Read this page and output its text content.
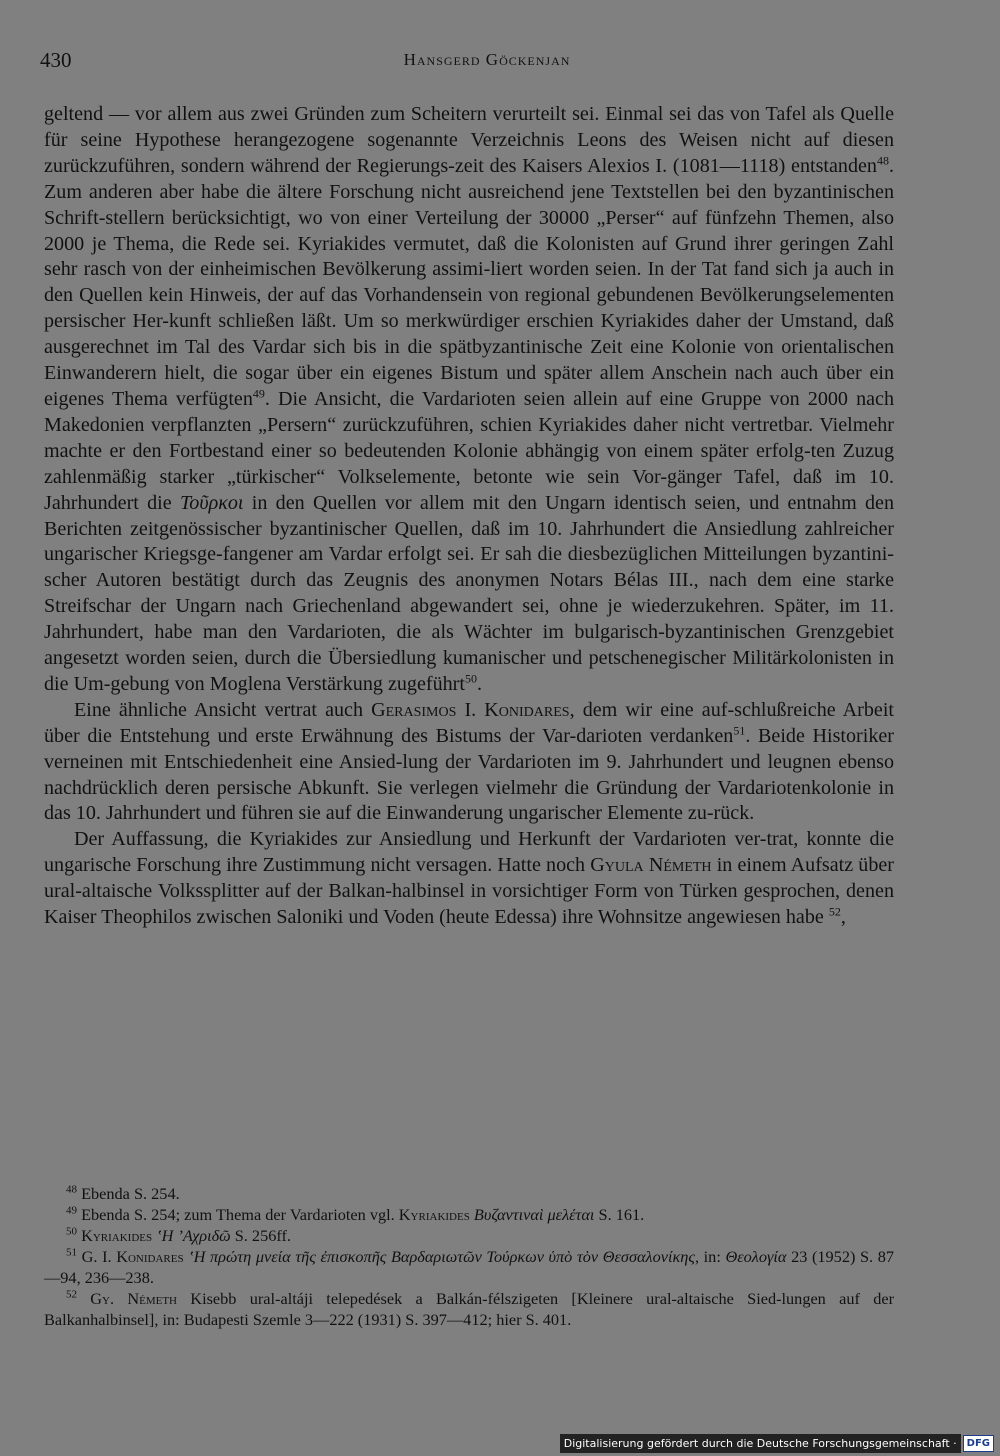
430	Hansgerd Göckenjan

geltend — vor allem aus zwei Gründen zum Scheitern verurteilt sei. Einmal sei das von Tafel als Quelle für seine Hypothese herangezogene sogenannte Verzeichnis Leons des Weisen nicht auf diesen zurückzuführen, sondern während der Regierungs-zeit des Kaisers Alexios I. (1081—1118) entstanden$^{48}$. Zum anderen aber habe die ältere Forschung nicht ausreichend jene Textstellen bei den byzantinischen Schrift-stellern berücksichtigt, wo von einer Verteilung der 30000 „Perser“ auf fünfzehn Themen, also 2000 je Thema, die Rede sei. Kyriakides vermutet, daß die Kolonisten auf Grund ihrer geringen Zahl sehr rasch von der einheimischen Bevölkerung assimi-liert worden seien. In der Tat fand sich ja auch in den Quellen kein Hinweis, der auf das Vorhandensein von regional gebundenen Bevölkerungselementen persischer Her-kunft schließen läßt. Um so merkwürdiger erschien Kyriakides daher der Umstand, daß ausgerechnet im Tal des Vardar sich bis in die spätbyzantinische Zeit eine Kolonie von orientalischen Einwanderern hielt, die sogar über ein eigenes Bistum und später allem Anschein nach auch über ein eigenes Thema verfügten$^{49}$. Die Ansicht, die Vardarioten seien allein auf eine Gruppe von 2000 nach Makedonien verpflanzten „Persern“ zurückzuführen, schien Kyriakides daher nicht vertretbar. Vielmehr machte er den Fortbestand einer so bedeutenden Kolonie abhängig von einem später erfolg-ten Zuzug zahlenmäßig starker „türkischer“ Volkselemente, betonte wie sein Vor-gänger Tafel, daß im 10. Jahrhundert die Τοῦρκοι in den Quellen vor allem mit den Ungarn identisch seien, und entnahm den Berichten zeitgenössischer byzantinischer Quellen, daß im 10. Jahrhundert die Ansiedlung zahlreicher ungarischer Kriegsge-fangener am Vardar erfolgt sei. Er sah die diesbezüglichen Mitteilungen byzantini-scher Autoren bestätigt durch das Zeugnis des anonymen Notars Bélas III., nach dem eine starke Streifschar der Ungarn nach Griechenland abgewandert sei, ohne je wiederzukehren. Später, im 11. Jahrhundert, habe man den Vardarioten, die als Wächter im bulgarisch-byzantinischen Grenzgebiet angesetzt worden seien, durch die Übersiedlung kumanischer und petschenegischer Militärkolonisten in die Um-gebung von Moglena Verstärkung zugeführt$^{50}$.

Eine ähnliche Ansicht vertrat auch Gerasimos I. Konidares, dem wir eine auf-schlußreiche Arbeit über die Entstehung und erste Erwähnung des Bistums der Var-darioten verdanken$^{51}$. Beide Historiker verneinen mit Entschiedenheit eine Ansied-lung der Vardarioten im 9. Jahrhundert und leugnen ebenso nachdrücklich deren persische Abkunft. Sie verlegen vielmehr die Gründung der Vardariotenkolonie in das 10. Jahrhundert und führen sie auf die Einwanderung ungarischer Elemente zu-rück.

Der Auffassung, die Kyriakides zur Ansiedlung und Herkunft der Vardarioten ver-trat, konnte die ungarische Forschung ihre Zustimmung nicht versagen. Hatte noch Gyula Németh in einem Aufsatz über ural-altaische Volkssplitter auf der Balkan-halbinsel in vorsichtiger Form von Türken gesprochen, denen Kaiser Theophilos zwischen Saloniki und Voden (heute Edessa) ihre Wohnsitze angewiesen habe $^{52}$,

$^{48}$ Ebenda S. 254.

$^{49}$ Ebenda S. 254; zum Thema der Vardarioten vgl. Kyriakides Βυζαντιναὶ μελέται S. 161.

$^{50}$ Kyriakides ʽΗ ʼΑχριδῶ S. 256ff.

$^{51}$ G. I. Konidares ʽΗ πρώτη μνεία τῆς ἐπισκοπῆς Βαρδαριωτῶν Τούρκων ὑπὸ τὸν Θεσσαλονίκης, in: Θεολογία 23 (1952) S. 87—94, 236—238.

$^{52}$ Gy. Németh Kisebb ural-altáji telepedések a Balkán-félszigeten [Kleinere ural-altaische Sied-lungen auf der Balkanhalbinsel], in: Budapesti Szemle 3—222 (1931) S. 397—412; hier S. 401.

Digitalisierung gefördert durch die Deutsche Forschungsgemeinschaft ·	DFG
